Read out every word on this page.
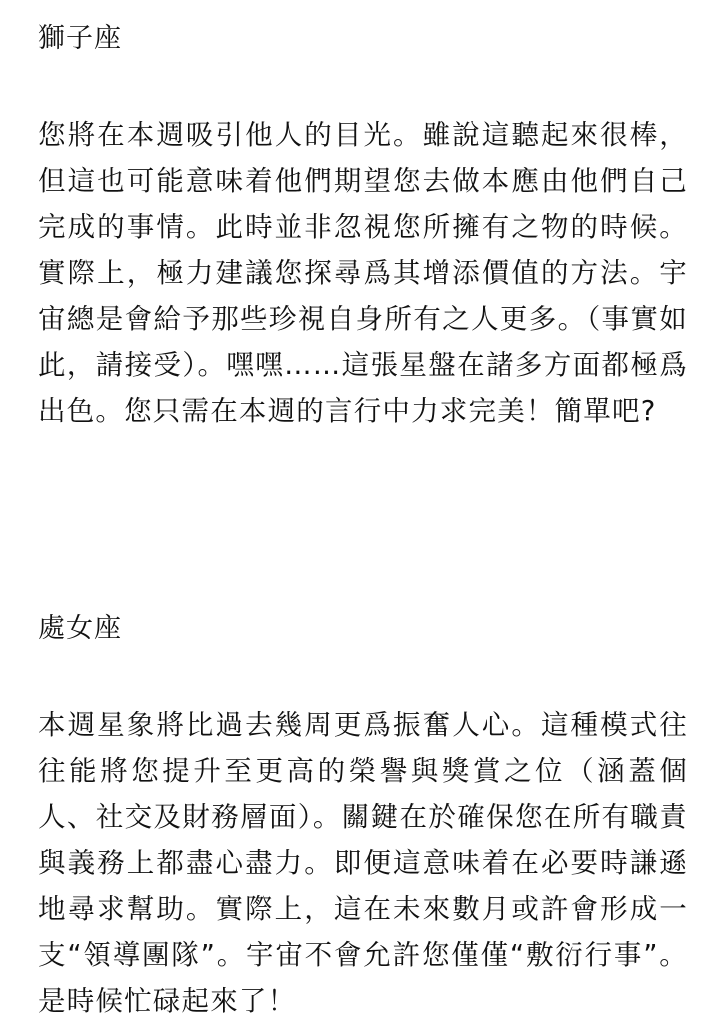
獅子座

您將在本週吸引他人的目光。雖說這聽起來很棒，但這也可能意味着他們期望您去做本應由他們自己完成的事情。此時並非忽視您所擁有之物的時候。實際上，極力建議您探尋爲其增添價值的方法。宇宙總是會給予那些珍視自身所有之人更多。（事實如此，請接受）。嘿嘿……這張星盤在諸多方面都極爲出色。您只需在本週的言行中力求完美！簡單吧?

處女座

本週星象將比過去幾周更爲振奮人心。這種模式往往能將您提升至更高的榮譽與獎賞之位（涵蓋個人、社交及財務層面）。關鍵在於確保您在所有職責與義務上都盡心盡力。即便這意味着在必要時謙遜地尋求幫助。實際上，這在未來數月或許會形成一支“領導團隊”。宇宙不會允許您僅僅“敷衍行事”。是時候忙碌起來了！
